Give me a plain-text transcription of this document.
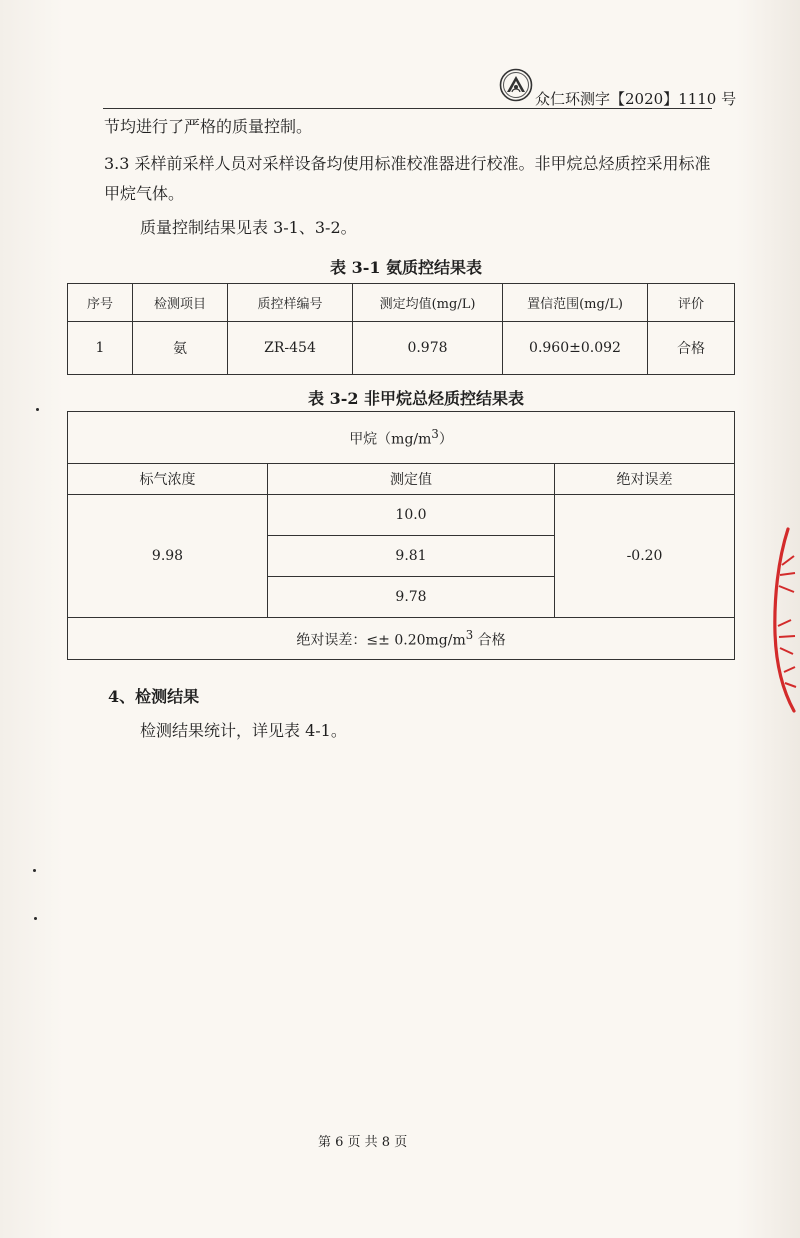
众仁环测字【2020】1110 号
节均进行了严格的质量控制。
3.3 采样前采样人员对采样设备均使用标准校准器进行校准。非甲烷总烃质控采用标准
甲烷气体。
质量控制结果见表 3-1、3-2。
表 3-1 氨质控结果表
序号	检测项目	质控样编号	测定均值(mg/L)	置信范围(mg/L)	评价
1	氨	ZR-454	0.978	0.960±0.092	合格
表 3-2 非甲烷总烃质控结果表
甲烷$(mg/m^3)$		
标气浓度	测定值	绝对误差
9.98	10.0	-0.20
	9.81	
	9.78	
绝对误差：≤± $0.20mg/m^3$ 合格		
4、检测结果
检测结果统计，详见表 4-1。
第 6 页 共 8 页
